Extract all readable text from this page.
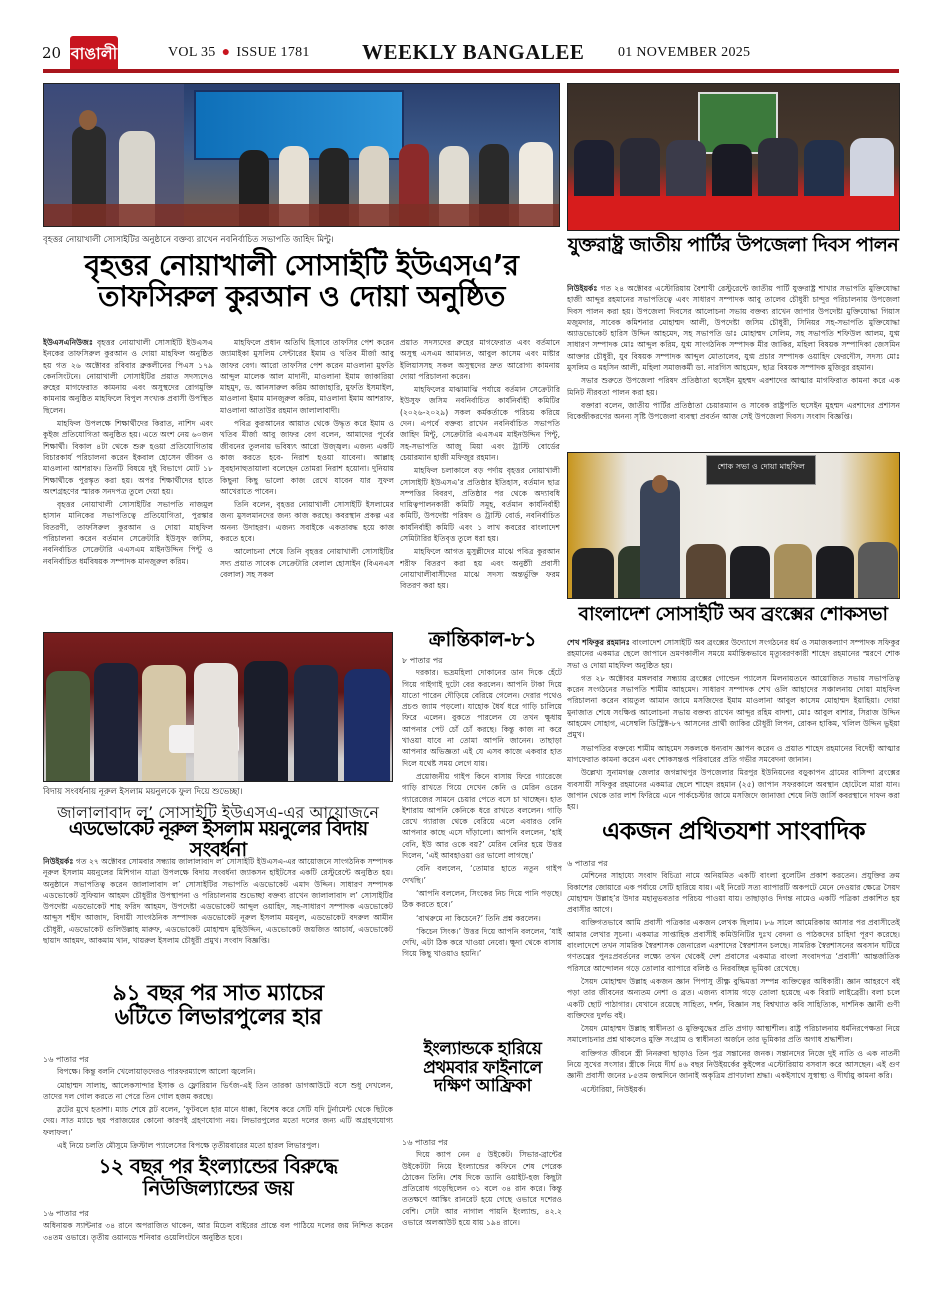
20 বাঙালী	VOL 35 ● ISSUE 1781 WEEKLY BANGALEE 01 NOVEMBER 2025
বৃহত্তর নোয়াখালী সোসাইটির অনুষ্ঠানে বক্তব্য রাখেন নবনির্বাচিত সভাপতি জাহিদ মিন্টু।
বৃহত্তর নোয়াখালী সোসাইটি ইউএসএ’র
তাফসিরুল কুরআন ও দোয়া অনুষ্ঠিত

ইউএসএনিউজঃ বৃহত্তর নোয়াখালী সোসাইটি ইউএসএ ইনকের তাফসিরুল কুরআন ও দোয়া মাহফিল অনুষ্ঠিত হয় গত ২৬ অক্টোবর রবিবার ব্রুকলীনের পিএস ১৭৯ কেনসিংটনে। নোয়াখালী সোসাইটির প্রয়াত সদস্যদেও রুহের মাগফেরাত কামনায় এবং অসুস্থদের রোগমুক্তি কামনায় অনুষ্ঠিত মাহফিলে বিপুল সংখ্যক প্রবাসী উপস্থিত ছিলেন।

মাহফিল উপলক্ষে শিক্ষার্থীদের কিরাত, নাশিদ এবং কুইজ প্রতিযোগিতা অনুষ্ঠিত হয়। এতে অংশ নেয় ৬০জন শিক্ষার্থী। বিকাল ৪টা থেকে শুরু হওয়া প্রতিযোগিতায় বিচারকার্য পরিচালনা করেন ইকবাল হোসেন জীবন ও মাওলানা আশরাফ। তিনটি বিষয়ে দুই বিভাগে মোট ১৮ শিক্ষার্থীকে পুরস্কৃত করা হয়। অপর শিক্ষার্থীদের হাতে অংশগ্রহণের স্মারক সনদপত্র তুলে দেয়া হয়।

বৃহত্তর নোয়াখালী সোসাইটির সভাপতি নাজমুল হাসান মানিকের সভাপতিত্বে প্রতিযোগিতা, পুরস্কার বিতরণী, তাফসিরুল কুরআন ও দোয়া মাহফিল পরিচালনা করেন বর্তমান সেক্রেটারি ইউসুফ জসিম, নবনির্বাচিত সেক্রেটারি এএসএম মাইনউদ্দিন পিন্টু ও নবনির্বাচিত ধর্মবিষয়ক সম্পাদক মানজুরুল করিম।

মাহফিলে প্রধান অতিথি হিসাবে তাফসির পেশ করেন জ্যামাইকা মুসলিম সেন্টারের ইমাম ও খতিব মীর্জা আবু জাফর বেগ। আরো তাফসির পেশ করেন মাওলানা মুফতি আব্দুল মালেক আল মাদানী, মাওলানা ইমাম জাকারিয়া মাহমুদ, ড. আনসারুল করিম আজাহারি, মুফতি ইসমাইল, মাওলানা ইমাম মানজুরুল করিম, মাওলানা ইমাম আশরাফ, মাওলানা আতাউর রহমান জালালাবাদী।

পবিত্র কুরআনের আয়াত থেকে উদ্ধৃত করে ইমাম ও খতিব মীর্জা আবু জাফর বেগ বলেন, আমাদের পূর্বের জীবনের তুলনায় ভবিষ্যৎ আরো উজ্জ্বল। এজন্য একটি কাজ করতে হবে- নিরাশ হওয়া যাবেনা। আল্লাহ সুবহানাহুতায়ালা বলেছেন তোমরা নিরাশ হয়োনা। দুনিয়ায় কিছুনা কিছু ভালো কাজ রেখে যাবেন যার সুফল আখেরাতে পাবেন।

তিনি বলেন, বৃহত্তর নোয়াখালী সোসাইটি ইসলামের জন্য মুসলমানদের জন্য কাজ করছে। কবরস্থান প্রকল্প এর অনন্য উদাহরণ। এজন্য সবাইকে একতাবদ্ধ হয়ে কাজ করতে হবে।

আলোচনা শেষে তিনি বৃহত্তর নোয়াখালী সোসাইটির সদ্য প্রয়াত সাবেক সেক্রেটারি বেলাল হোসাইন (বিএনএস বেলাল) সহ সকল

প্রয়াত সদস্যদের রুহের মাগফেরাত এবং বর্তমানে অসুস্থ এসএম আমানত, আবুল কাসেম এবং মাষ্টার ইলিয়াসসহ সকল অসুস্থদের দ্রুত আরোগ্য কামনায় দোয়া পরিচালনা করেন।

মাহফিলের মাঝামাঝি পর্যায়ে বর্তমান সেক্রেটারি ইউসুফ জসিম নবনির্বাচিত কার্যনির্বাহী কমিটির (২০২৬-২০২৯) সকল কর্মকর্তাকে পরিচয় করিয়ে দেন। এপর্বে বক্তব্য রাখেন নবনির্বাচিত সভাপতি জাহিদ মিন্টু, সেক্রেটারি এএসএম মাইনউদ্দিন পিন্টু, সহ-সভাপতি আজু মিয়া এবং ট্রাস্টি বোর্ডের চেয়ারম্যান হাজী মফিজুর রহমান।

মাহফিল চলাকালে বড় পর্দায় বৃহত্তর নোয়াখালী সোসাইটি ইউএসএ’র প্রতিষ্ঠার ইতিহাস, বর্তমান ছাত্র সম্পত্তির বিবরণ, প্রতিষ্ঠার পর থেকে অদ্যাবধি দায়িত্বপালনকারী কমিটি সমূহ, বর্তমান কার্যনির্বাহী কমিটি, উপদেষ্টা পরিষদ ও ট্রাস্টি বোর্ড, নবনির্বাচিত কার্যনির্বাহী কমিটি এবং ১ লাখ কবরের বাংলাদেশ সেমিটারির ইতিবৃত্ত তুলে ধরা হয়।

মাহফিলে আগত মুসুল্লীদের মাঝে পবিত্র কুরআন শরীফ বিতরণ করা হয় এবং অনুষ্ঠাী প্রবাসী নোয়াখালীবাসীদের মাঝে সদস্য অন্তর্ভুক্তি ফরম বিতরণ করা হয়।

যুক্তরাষ্ট্র জাতীয় পার্টির উপজেলা দিবস পালন

নিউইয়র্কঃ গত ২৪ অক্টোবর এস্টোরিয়ায় বৈশাখী রেস্টুরেন্টে জাতীয় পার্টি যুক্তরাষ্ট্র শাখার সভাপতি মুক্তিযোদ্ধা হাজী আব্দুর রহমানের সভাপতিত্বে এবং সাধারণ সম্পাদক আবু তালেব চৌধুরী চান্দুর পরিচালনায় উপজেলা দিবস পালন করা হয়। উপজেলা দিবসের আলোচনা সভায় বক্তব্য রাখেন জাপার উপদেষ্টা মুক্তিযোদ্ধা গিয়াস মজুমদার, সাবেক কমিশনার মোহাম্মদ আলী, উপদেষ্টা জসিম চৌধুরী, সিনিয়র সহ-সভাপতি মুক্তিযোদ্ধা অ্যাডভোকেট হারিস উদ্দিন আহমেদ, সহ সভাপতি ডাঃ মোহাম্মদ সেলিম, সহ সভাপতি শফিউল আলম, যুগ্ম সাধারণ সম্পাদক মোঃ আব্দুল করিম, যুগ্ম সাংগঠনিক সম্পাদক মীর জাকির, মহিলা বিষয়ক সম্পাদিকা জেসমিন আক্তার চৌধুরী, যুব বিষয়ক সম্পাদক আব্দুল মোতালেব, যুগ্ম প্রচার সম্পাদক ওয়াহিদ ফেরদৌস, সদস্য মোঃ মুসলিম ও মহসিন আলী, মহিলা সমাজকর্মী ডা. নারগিস আহমেদ, ছাত্র বিষয়ক সম্পাদক মুজিবুর রহমান।

সভার শুরুতে উপজেলা পরিষদ প্রতিষ্ঠাতা হুসেইন মুহম্মদ এরশাদের আত্মার মাগফিরাত কামনা করে এক মিনিট নীরবতা পালন করা হয়।

বক্তারা বলেন, জাতীয় পার্টির প্রতিষ্ঠাতা চেয়ারম্যান ও সাবেক রাষ্ট্রপতি হুসেইন মুহম্মদ এরশাদের প্রশাসন বিকেন্দ্রীকরণের অনন্য সৃষ্টি উপজেলা ব্যবস্থা প্রবর্তন আজ সেই উপজেলা দিবস। সংবাদ বিজ্ঞপ্তি।

শোক সভা ও দোয়া মাহফিল
বাংলাদেশ সোসাইটি অব ব্রংক্সের শোকসভা

শেখ শফিকুর রহমানঃ বাংলাদেশ সোসাইটি অব ব্রংক্সের উদ্যোগে সংগঠনের ধর্ম ও সমাজকল্যাণ সম্পাদক সফিকুর রহমানের একমাত্র ছেলে জাপানে ভ্রমণকালীন সময়ে মর্মান্তিকভাবে মৃত্যুবরণকারী শাহেদ রহমানের স্মরণে শোক সভা ও দোয়া মাহফিল অনুষ্ঠিত হয়।

গত ২৮ অক্টোবর মঙ্গলবার সন্ধ্যায় ব্রংক্সের গোল্ডেন প্যালেস মিলনায়তনে আয়োজিত সভায় সভাপতিত্ব করেন সংগঠনের সভাপতি শামীম আহমেদ। সাধারণ সম্পাদক শেখ ওলি আহাদের সঞ্চালনায় দোয়া মাহফিল পরিচালনা করেন বায়তুল আমান জামে মসজিদের ইমাম মাওলানা আবুল কাসেম মোহাম্মদ ইয়াহিয়া। দোয়া মুনাজাত শেষে সংক্ষিপ্ত আলোচনা সভায় বক্তব্য রাখেন আব্দুর রহিম বাদশা, মোঃ আবুল বাশার, সিরাজ উদ্দিন আহমেদ সোহাগ, এসেম্বলি ডিস্ট্রিক্ট-৮৭ আসনের প্রার্থী জাকির চৌধুরী লিপন, রোকন হাকিম, খলিল উদ্দিন ভুইয়া প্রমুখ।

সভাপতির বক্তব্যে শামীম আহমেদ সকলকে ধন্যবাদ জ্ঞাপন করেন ও প্রয়াত শাহেদ রহমানের বিদেহী আত্মার মাগফেরাত কামনা করেন এবং শোকসন্তপ্ত পরিবারের প্রতি গভীর সমবেদনা জানান।

উল্লেখ্য সুনামগঞ্জ জেলার জগন্নাথপুর উপজেলার মিরপুর ইউনিয়নের বড়ুকাপন গ্রামের বাসিন্দা ব্রংক্সের ব্যবসায়ী সফিকুর রহমানের একমাত্র ছেলে শাহেদ রহমান (২৫) জাপান সফরকালে অবস্থান হোটেলে মারা যান। জাপান থেকে তার লাশ ফিরিয়ে এনে পার্কচেস্টার জামে মসজিদে জানাজা শেষে নিউ জার্সি কবরস্থানে দাফন করা হয়।

বিদায় সংবর্ধনায় নূরুল ইসলাম ময়নুলকে ফুল দিয়ে শুভেচ্ছা।
জালালাবাদ ল’ সোসাইটি ইউএসএ-এর আয়োজনে
এডভোকেট নূরুল ইসলাম ময়নুলের বিদায় সংবর্ধনা

নিউইয়র্কঃ গত ২৭ অক্টোবর সোমবার সন্ধ্যায় জালালাবাদ ল’ সোসাইটি ইউএসএ-এর আয়োজনে সাংগঠনিক সম্পাদক নূরুল ইসলাম ময়নুলের মিশিগান যাত্রা উপলক্ষে বিদায় সংবর্ধনা জ্যাকসন হাইটসের একটি রেস্টুরেন্টে অনুষ্ঠিত হয়। অনুষ্ঠানে সভাপতিত্ব করেন জালালাবাদ ল’ সোসাইটির সভাপতি এডভোকেট এমাদ উদ্দিন। সাধারণ সম্পাদক এডভোকেট সুফিয়ান আহমদ চৌধুরীর উপস্থাপনা ও পরিচালনায় শুভেচ্ছা বক্তব্য রাখেন জালালাবাদ ল’ সোসাইটির উপদেষ্টা এডভোকেট শাহ ফরিদ আহমদ, উপদেষ্টা এডভোকেট আব্দুল ওয়াহিদ, সহ-সাধারণ সম্পাদক এডভোকেট আব্দুস শহীদ আজাদ, বিদায়ী সাংগঠনিক সম্পাদক এডভোকেট নূরুল ইসলাম ময়নুল, এডভোকেট বদরুল আমীন চৌধুরী, এডভোকেট গুলিউল্লাহ মারুফ, এডভোকেট মোহাম্মদ মুহিউদ্দিন, এডভোকেট জয়জিত আচার্য, এডভোকেট ছায়াদ আহমদ, আকমাম খান, খায়রুল ইসলাম চৌধুরী প্রমুখ। সংবাদ বিজ্ঞপ্তি।

ক্রান্তিকাল-৮১
৮ পাতার পর

দরকার। ভদ্রমহিলা দোকানের ডান দিকে হেঁটে গিয়ে গাইগাই দুটো বের করলেন। আপনি টাকা দিয়ে যাতো পারেন দৌড়িয়ে বেরিয়ে গেলেন। দেরার পথেও প্রচণ্ড জ্যাম পড়লো। যাহোক ধৈর্য ধরে গাড়ি চালিয়ে ফিরে এলেন। বুকতে পারলেন যে তখন ক্ষুধায় আপনার পেট চোঁ চোঁ করছে। কিন্তু কাজ না করে খাওয়া যাবে না তোমা আপনি জানেন। তাছাড়া আপনার অভিজ্ঞতা এই যে এসব কাজে একবার হাত দিলে যথেষ্ট সময় লেগে যায়।

প্রয়োজনীয় গাইপ কিনে বাসায় ফিরে গ্যারেজে গাড়ি রাখতে গিয়ে দেখেন কেনি ও মেরিন ওরেন গ্যারেজের সামনে চেয়ার পেতে বসে চা খাচ্ছেন। হাত ইশারায় আপনি কেনিকে ধরে রাখতে বললেন। গাড়ি রেখে গ্যারাজ থেকে বেরিয়ে এলে এবারও বেনি আপনার কাছে এসে দাঁড়ালো। আপনি বললেন, ‘হাই বেনি, ইউ আর ওকে বয়?’ মেরিন বেনির হয়ে উত্তর দিলেন, ‘এই আবহাওয়া ওর ভালো লাগছে।’

বেনি বললেন, ‘তোমার হাতে নতুন গাইপ দেখছি।’

‘আপনি বললেন, সিংকের নিচ দিয়ে পানি পড়ছে। ঠিক করতে হবে।’

‘বাথরুমে না কিচেনে?’ তিনি প্রশ্ন করলেন।

‘কিচেন সিংক।’ উত্তর দিয়ে আপনি বললেন, ‘যাই দেখি, এটা ঠিক করে খাওয়া নেবো। ক্ষুদা থেকে বাসায় গিয়ে কিছু খাওয়াও হয়নি।’

একজন প্রথিতযশা সাংবাদিক
৬ পাতার পর

মেশিনের সাহায্যে সংবাদ বিচিত্রা নামে অনিয়মিত একটি বাংলা বুলেটিন প্রকাশ করতেন। প্রযুক্তির ক্রম বিকাশের জোয়ারে এক পর্যায়ে সেটি হারিয়ে যায়। এই নিরেট সত্য ব্যাপারটি অকপটে মেনে নেওয়ার ক্ষেত্রে সৈয়দ মোহাম্মদ উল্লাহ’র উদার মহানুভবতার পরিচয় পাওয়া যায়। তাছাড়াও দিগন্ত নামেও একটি পত্রিকা প্রকাশিত হয় প্রবাসীর আগে।

ব্যক্তিগতভাবে আমি প্রবাসী পত্রিকার একজন লেখক ছিলাম। ৮৬ সালে আমেরিকায় আসার পর প্রবাসীতেই আমার লেখার সূচনা। একমাত্র সাপ্তাহিক প্রবাসীই কমিউনিটির দুঃখ বেদনা ও পাঠকদের চাহিদা পূরণ করেছে। বাংলাদেশে তখন সামরিক স্বৈরশাসক জেনারেল এরশাদের স্বৈরশাসন চলছে। সামরিক স্বৈরশাসনের অবসান ঘটিয়ে গণতন্ত্রের পুনঃপ্রবর্তনের লক্ষ্যে তখন থেকেই দেশ প্রবাসের একমাত্র বাংলা সংবাদপত্র ‘প্রবাসী’ আন্তর্জাতিক পরিসরে আন্দোলন গড়ে তোলার ব্যাপারে বলিষ্ঠ ও নিরবচ্ছিন্ন ভূমিকা রেখেছে।

সৈয়দ মোহাম্মদ উল্লাহ একজন জ্ঞান পিপাসু তীক্ষ্ণ বুদ্ধিমত্তা সম্পন্ন ব্যক্তিত্বের অধিকারী। জ্ঞান আহরণে বই পড়া তার জীবনের অন্যতম নেশা ও ব্রত। এজন্য বাসায় গড়ে তোলা হয়েছে এক বিরাট লাইব্রেরী। বলা চলে একটি ছোট পাঠাগার। যেখানে রয়েছে সাহিত্য, দর্শন, বিজ্ঞান সহ বিশ্বখ্যাত কবি সাহিত্যিক, দার্শনিক জ্ঞানী গুণী ব্যক্তিদের দুর্লভ বই।

সৈয়দ মোহাম্মদ উল্লাহ স্বাধীনতা ও মুক্তিযুদ্ধের প্রতি প্রগাঢ় আস্থাশীল। রাষ্ট্র পরিচালনায় ধর্মনিরপেক্ষতা নিয়ে সমালোচনার প্রশ্ন থাকলেও মুক্তি সংগ্রাম ও স্বাধীনতা অর্জনে তার ভূমিকার প্রতি অগাধ শ্রদ্ধাশীল।

ব্যক্তিগত জীবনে স্ত্রী নিনরুবা ছাড়াও তিন পুত্র সন্তানের জনক। সন্তানদের নিজে দুই নাতি ও এক নাতনী নিয়ে সুখের সংসার। স্ত্রীকে নিয়ে দীর্ঘ ৪৬ বছর নিউইয়র্কের কুইন্সের এস্টোরিয়ায় বসবাস করে আসছেন। এই গুণ জ্ঞানী প্রবাসী জনের ৮৫তম জন্মদিনে জানাই অকৃত্রিম প্রাণঢালা শ্রদ্ধা। একইসাথে সুস্বাস্থ্য ও দীর্ঘায়ু কামনা করি।

এস্টোরিয়া, নিউইয়র্ক।

৯১ বছর পর সাত ম্যাচের
৬টিতে লিভারপুলের হার
১৬ পাতার পর

বিপক্ষে। কিন্তু বলনি খেলোয়াড়দেরও পারফরম্যান্সে আলো জ্বলেনি।

মোহাম্মদ সালাহ, আলেকসান্দার ইসাক ও ফ্লোরিয়ান ভির্ৎজ-এই তিন তারকা ডাগআউটে বসে শুধু দেখলেন, তাদের দল গোল করতে না পেরে তিন গোল হজম করছে।

স্লটের মুখে হতাশা। ম্যাচ শেষে স্লট বলেন, ‘ফুটবলে হার মানে ধাক্কা, বিশেষ করে সেটি যদি টুর্নামেন্ট থেকে ছিটকে দেয়। সাত ম্যাচে ছয় পরাজয়ের কোনো কারণই গ্রহণযোগ্য নয়। লিভারপুলের মতো দলের জন্য এটি অগ্রহণযোগ্য ফলাফল।’

এই নিয়ে চলতি মৌসুমে ক্রিস্টাল প্যালেসের বিপক্ষে তৃতীয়বারের মতো হারল লিভারপুল।

১২ বছর পর ইংল্যান্ডের বিরুদ্ধে
নিউজিল্যান্ডের জয়
১৬ পাতার পর

অধিনায়ক স্যান্টনার ৩৪ রানে অপরাজিত থাকেন, আর মিচেল বাইরের প্রান্তে বল পাঠিয়ে দলের জয় নিশ্চিত করেন ৩৪তম ওভারে। তৃতীয় ওয়ানডে শনিবার ওয়েলিংটনে অনুষ্ঠিত হবে।

ইংল্যান্ডকে হারিয়ে
প্রথমবার ফাইনালে
দক্ষিণ আফ্রিকা
১৬ পাতার পর

দিয়ে ক্যাপ নেন ৫ উইকেট। সিভার-ব্রান্টের উইকেটটা নিয়ে ইংল্যান্ডের কফিনে শেষ পেরেক ঠোকেন তিনি। শেষ দিকে ড্যানি ওয়াইট-হজ কিছুটা প্রতিরোধ গড়েছিলেন ৩১ বলে ৩৪ রান করে। কিন্তু ততক্ষণে আস্কিং রানরেট হয়ে গেছে ওভারে দশেরও বেশি। সেটা আর নাগাল পায়নি ইংল্যান্ড, ৪২.২ ওভারে অলআউট হয়ে যায় ১৯৪ রানে।
